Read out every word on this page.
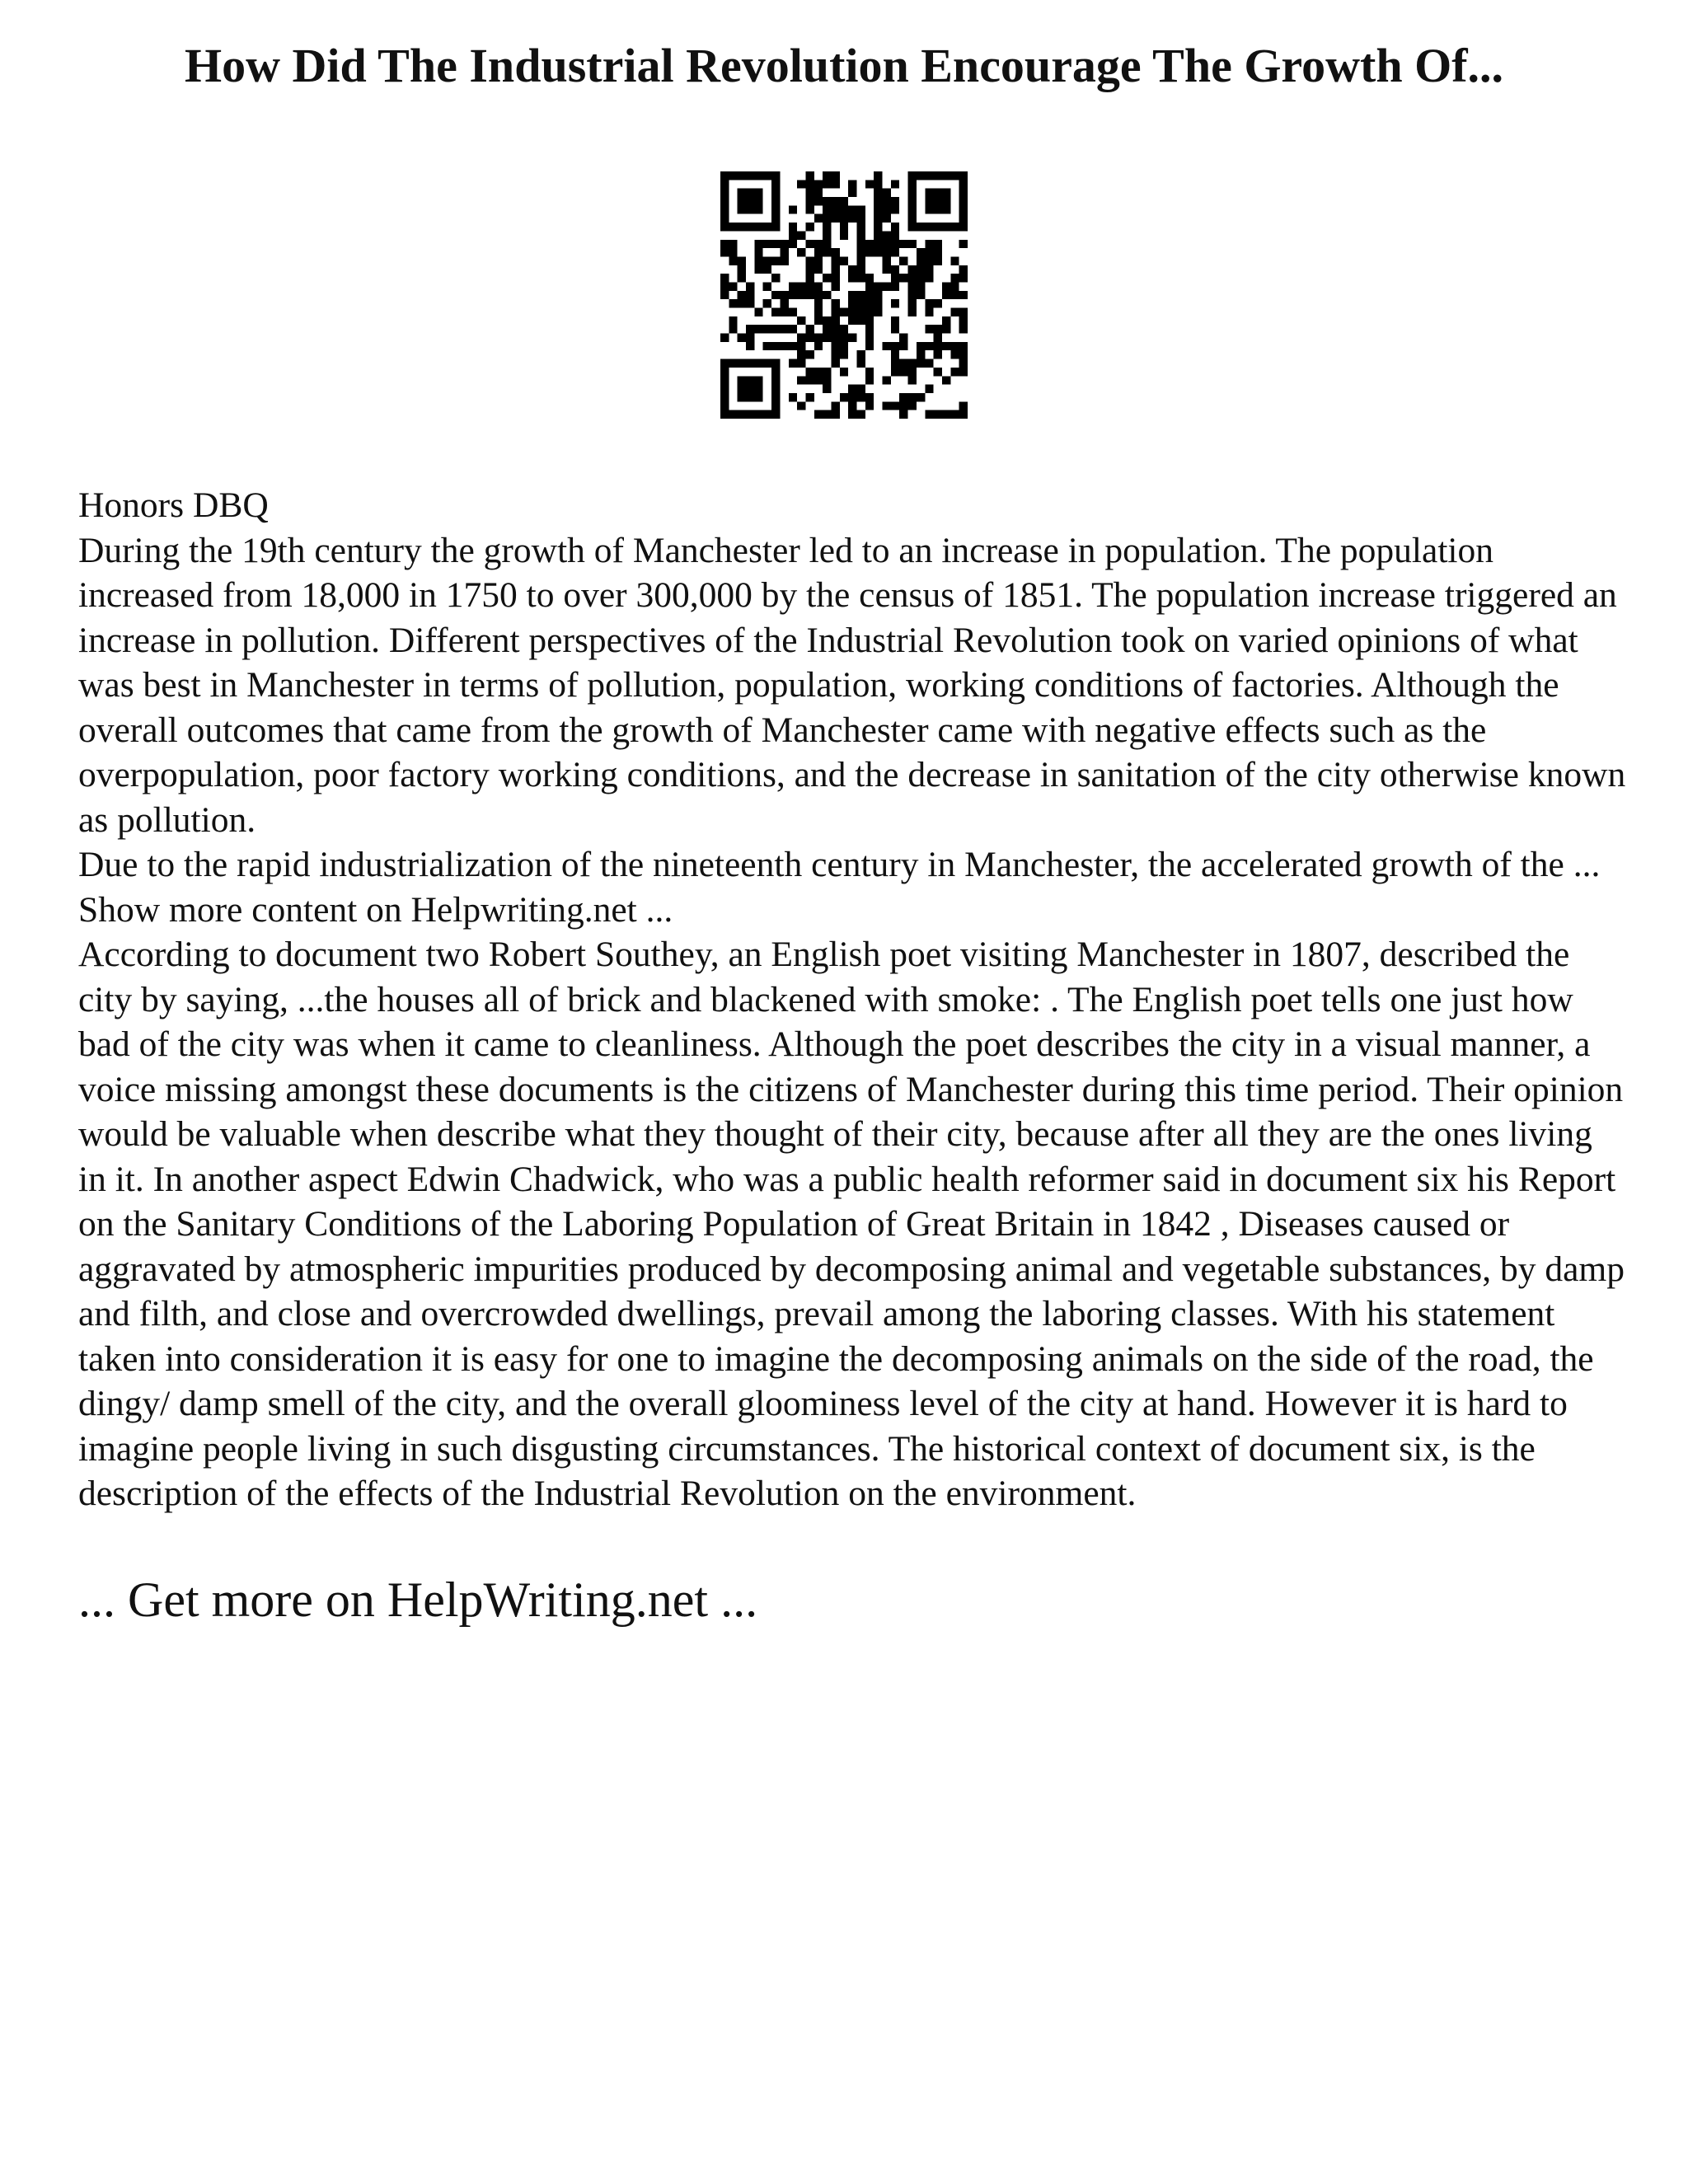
How Did The Industrial Revolution Encourage The Growth Of...

Honors DBQ

During the 19th century the growth of Manchester led to an increase in population. The population increased from 18,000 in 1750 to over 300,000 by the census of 1851. The population increase triggered an increase in pollution. Different perspectives of the Industrial Revolution took on varied opinions of what was best in Manchester in terms of pollution, population, working conditions of factories. Although the overall outcomes that came from the growth of Manchester came with negative effects such as the overpopulation, poor factory working conditions, and the decrease in sanitation of the city otherwise known as pollution.

Due to the rapid industrialization of the nineteenth century in Manchester, the accelerated growth of the ... Show more content on Helpwriting.net ...

According to document two Robert Southey, an English poet visiting Manchester in 1807, described the city by saying, ...the houses all of brick and blackened with smoke: . The English poet tells one just how bad of the city was when it came to cleanliness. Although the poet describes the city in a visual manner, a voice missing amongst these documents is the citizens of Manchester during this time period. Their opinion would be valuable when describe what they thought of their city, because after all they are the ones living in it. In another aspect Edwin Chadwick, who was a public health reformer said in document six his Report on the Sanitary Conditions of the Laboring Population of Great Britain in 1842 , Diseases caused or aggravated by atmospheric impurities produced by decomposing animal and vegetable substances, by damp and filth, and close and overcrowded dwellings, prevail among the laboring classes. With his statement taken into consideration it is easy for one to imagine the decomposing animals on the side of the road, the dingy/ damp smell of the city, and the overall gloominess level of the city at hand. However it is hard to imagine people living in such disgusting circumstances. The historical context of document six, is the description of the effects of the Industrial Revolution on the environment.

... Get more on HelpWriting.net ...
